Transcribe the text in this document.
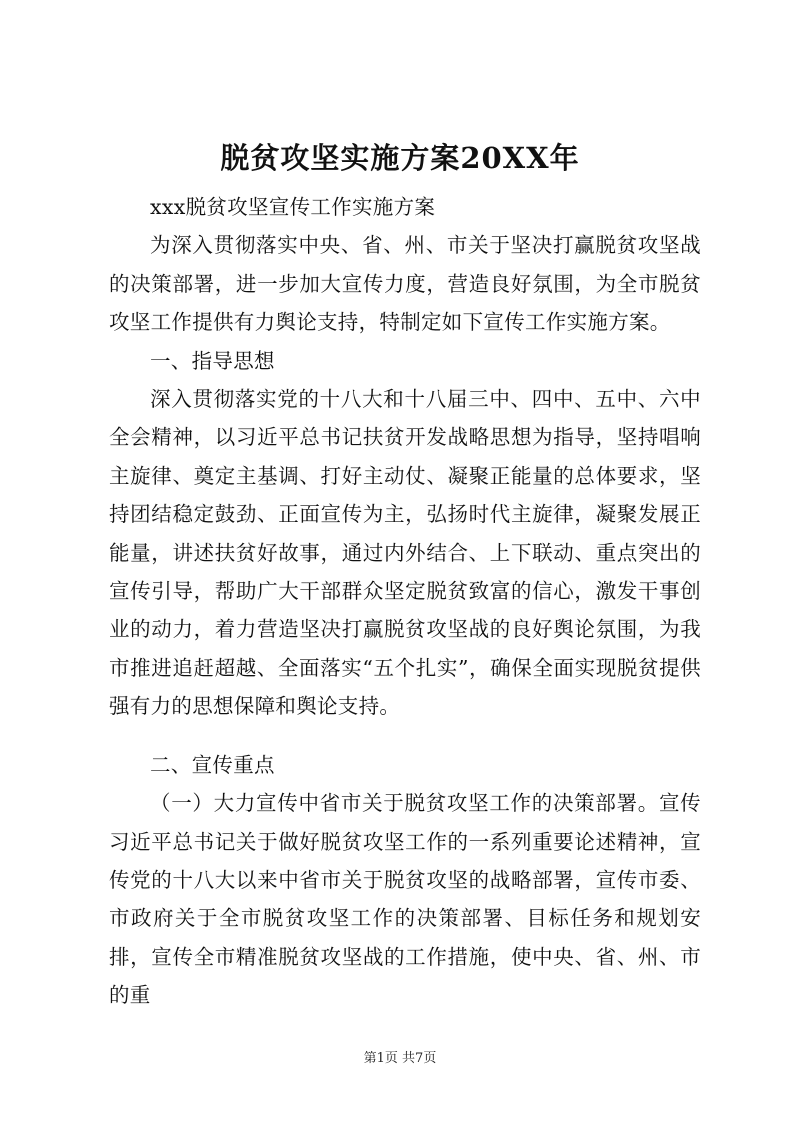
脱贫攻坚实施方案20XX年

xxx脱贫攻坚宣传工作实施方案

为深入贯彻落实中央、省、州、市关于坚决打赢脱贫攻坚战的决策部署，进一步加大宣传力度，营造良好氛围，为全市脱贫攻坚工作提供有力舆论支持，特制定如下宣传工作实施方案。

一、指导思想

深入贯彻落实党的十八大和十八届三中、四中、五中、六中全会精神，以习近平总书记扶贫开发战略思想为指导，坚持唱响主旋律、奠定主基调、打好主动仗、凝聚正能量的总体要求，坚持团结稳定鼓劲、正面宣传为主，弘扬时代主旋律，凝聚发展正能量，讲述扶贫好故事，通过内外结合、上下联动、重点突出的宣传引导，帮助广大干部群众坚定脱贫致富的信心，激发干事创业的动力，着力营造坚决打赢脱贫攻坚战的良好舆论氛围，为我市推进追赶超越、全面落实“五个扎实”，确保全面实现脱贫提供强有力的思想保障和舆论支持。

二、宣传重点

（一）大力宣传中省市关于脱贫攻坚工作的决策部署。宣传习近平总书记关于做好脱贫攻坚工作的一系列重要论述精神，宣传党的十八大以来中省市关于脱贫攻坚的战略部署，宣传市委、市政府关于全市脱贫攻坚工作的决策部署、目标任务和规划安排，宣传全市精准脱贫攻坚战的工作措施，使中央、省、州、市的重

第1页 共7页
